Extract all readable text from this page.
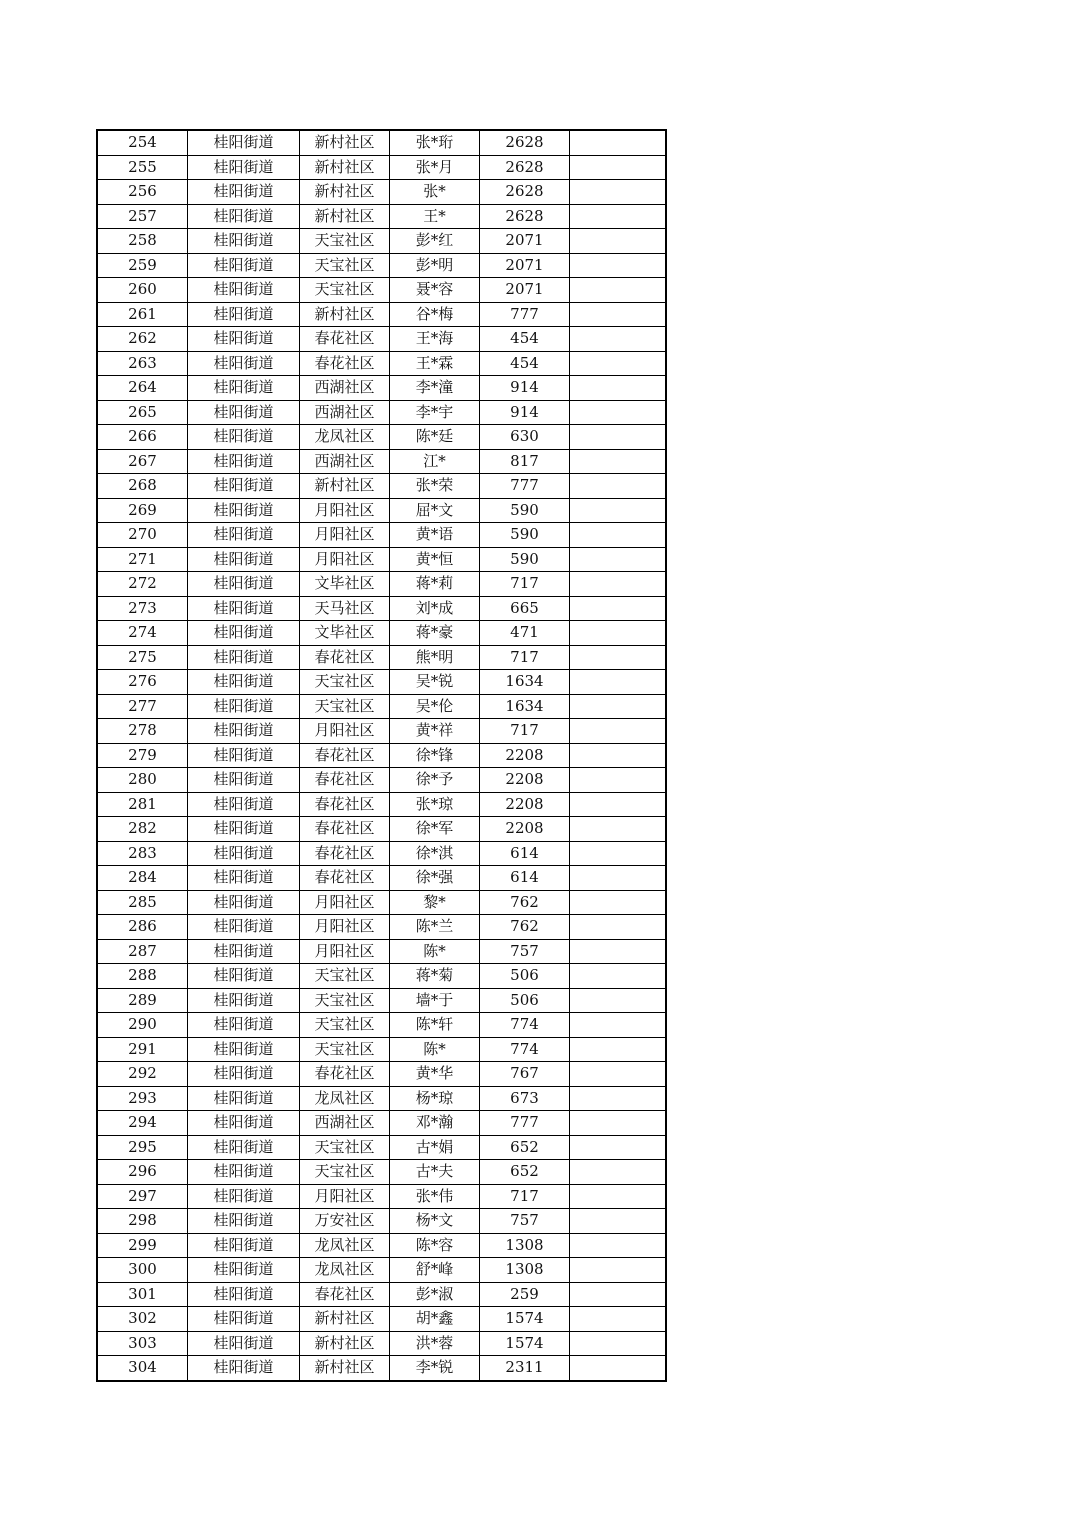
254	桂阳街道	新村社区	张*珩	2628	
255	桂阳街道	新村社区	张*月	2628	
256	桂阳街道	新村社区	张*	2628	
257	桂阳街道	新村社区	王*	2628	
258	桂阳街道	天宝社区	彭*红	2071	
259	桂阳街道	天宝社区	彭*明	2071	
260	桂阳街道	天宝社区	聂*容	2071	
261	桂阳街道	新村社区	谷*梅	777	
262	桂阳街道	春花社区	王*海	454	
263	桂阳街道	春花社区	王*霖	454	
264	桂阳街道	西湖社区	李*潼	914	
265	桂阳街道	西湖社区	李*宇	914	
266	桂阳街道	龙凤社区	陈*廷	630	
267	桂阳街道	西湖社区	江*	817	
268	桂阳街道	新村社区	张*荣	777	
269	桂阳街道	月阳社区	屈*文	590	
270	桂阳街道	月阳社区	黄*语	590	
271	桂阳街道	月阳社区	黄*恒	590	
272	桂阳街道	文毕社区	蒋*莉	717	
273	桂阳街道	天马社区	刘*成	665	
274	桂阳街道	文毕社区	蒋*豪	471	
275	桂阳街道	春花社区	熊*明	717	
276	桂阳街道	天宝社区	吴*锐	1634	
277	桂阳街道	天宝社区	吴*伦	1634	
278	桂阳街道	月阳社区	黄*祥	717	
279	桂阳街道	春花社区	徐*锋	2208	
280	桂阳街道	春花社区	徐*予	2208	
281	桂阳街道	春花社区	张*琼	2208	
282	桂阳街道	春花社区	徐*军	2208	
283	桂阳街道	春花社区	徐*淇	614	
284	桂阳街道	春花社区	徐*强	614	
285	桂阳街道	月阳社区	黎*	762	
286	桂阳街道	月阳社区	陈*兰	762	
287	桂阳街道	月阳社区	陈*	757	
288	桂阳街道	天宝社区	蒋*菊	506	
289	桂阳街道	天宝社区	墙*于	506	
290	桂阳街道	天宝社区	陈*轩	774	
291	桂阳街道	天宝社区	陈*	774	
292	桂阳街道	春花社区	黄*华	767	
293	桂阳街道	龙凤社区	杨*琼	673	
294	桂阳街道	西湖社区	邓*瀚	777	
295	桂阳街道	天宝社区	古*娟	652	
296	桂阳街道	天宝社区	古*夫	652	
297	桂阳街道	月阳社区	张*伟	717	
298	桂阳街道	万安社区	杨*文	757	
299	桂阳街道	龙凤社区	陈*容	1308	
300	桂阳街道	龙凤社区	舒*峰	1308	
301	桂阳街道	春花社区	彭*淑	259	
302	桂阳街道	新村社区	胡*鑫	1574	
303	桂阳街道	新村社区	洪*蓉	1574	
304	桂阳街道	新村社区	李*锐	2311	
